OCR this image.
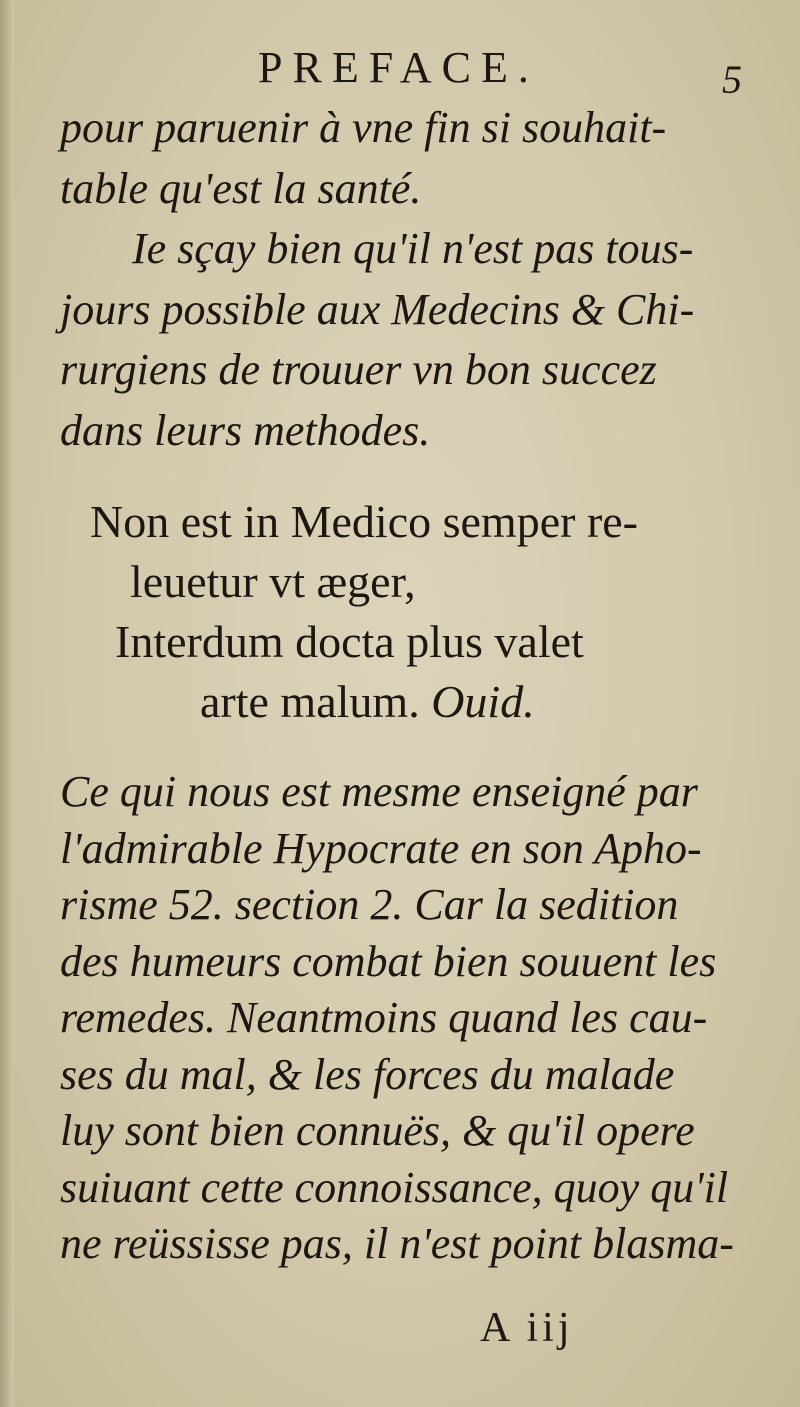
PREFACE.	5
pour paruenir à vne fin si souhait-
table qu'est la santé.
Ie sçay bien qu'il n'est pas tous-
jours possible aux Medecins & Chi-
rurgiens de trouuer vn bon succez
dans leurs methodes.
Non est in Medico semper re-
leuetur vt æger,
Interdum docta plus valet
arte malum. Ouid.
Ce qui nous est mesme enseigné par
l'admirable Hypocrate en son Apho-
risme 52. section 2. Car la sedition
des humeurs combat bien souuent les
remedes. Neantmoins quand les cau-
ses du mal, & les forces du malade
luy sont bien connuës, & qu'il opere
suiuant cette connoissance, quoy qu'il
ne reüssisse pas, il n'est point blasma-
A iij
